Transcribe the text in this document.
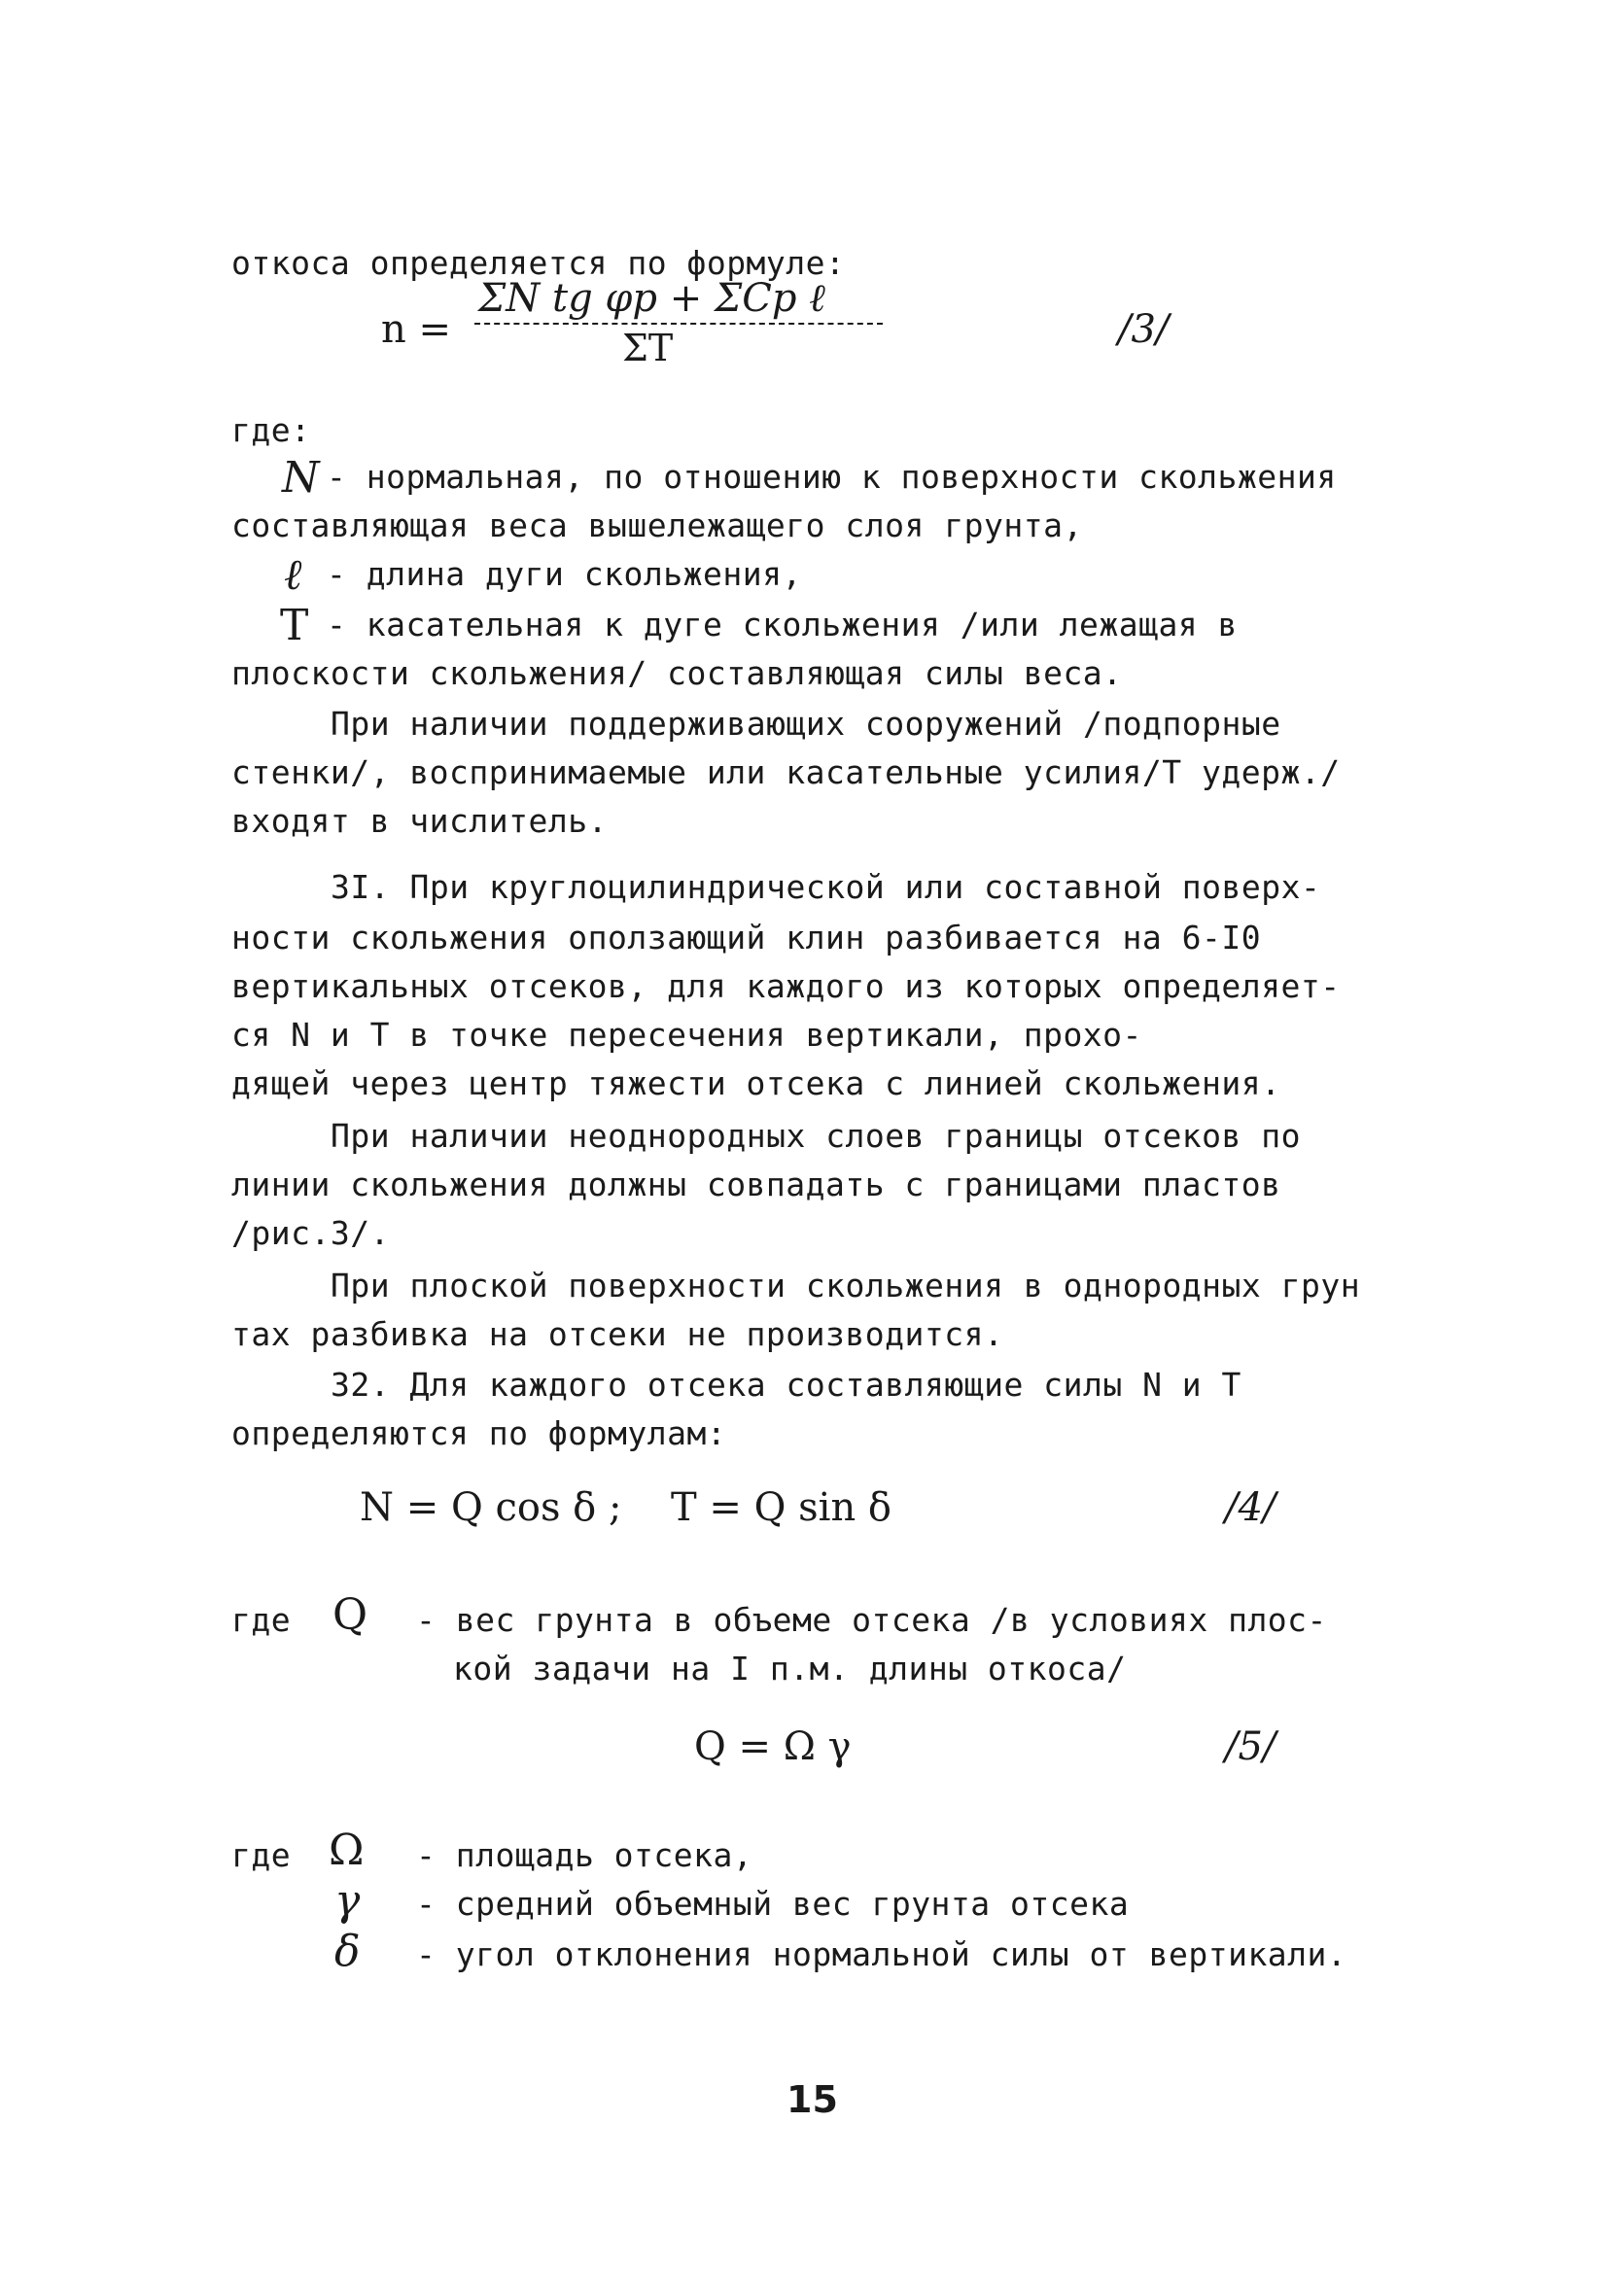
откоса определяется по формуле:
n =
ΣN tg φp + ΣCp ℓ
ΣT	/3/
где:
N - нормальная, по отношению к поверхности скольжения
составляющая веса вышележащего слоя грунта,
ℓ - длина дуги скольжения,
T - касательная к дуге скольжения /или лежащая в
плоскости скольжения/ составляющая силы веса.
При наличии поддерживающих сооружений /подпорные
стенки/, воспринимаемые или касательные усилия/T удерж./
входят в числитель.
3I. При круглоцилиндрической или составной поверх-
ности скольжения оползающий клин разбивается на 6-I0
вертикальных отсеков, для каждого из которых определяет-
ся N и T в точке пересечения вертикали, прохо-
дящей через центр тяжести отсека с линией скольжения.
При наличии неоднородных слоев границы отсеков по
линии скольжения должны совпадать с границами пластов
/рис.3/.
При плоской поверхности скольжения в однородных грун
тах разбивка на отсеки не производится.
32. Для каждого отсека составляющие силы N и T
определяются по формулам:
N = Q cos δ ; T = Q sin δ	/4/
где Q - вес грунта в объеме отсека /в условиях плос-
кой задачи на I п.м. длины откоса/
Q = Ω γ	/5/
где Ω - площадь отсека,
γ - средний объемный вес грунта отсека
δ - угол отклонения нормальной силы от вертикали.
15
